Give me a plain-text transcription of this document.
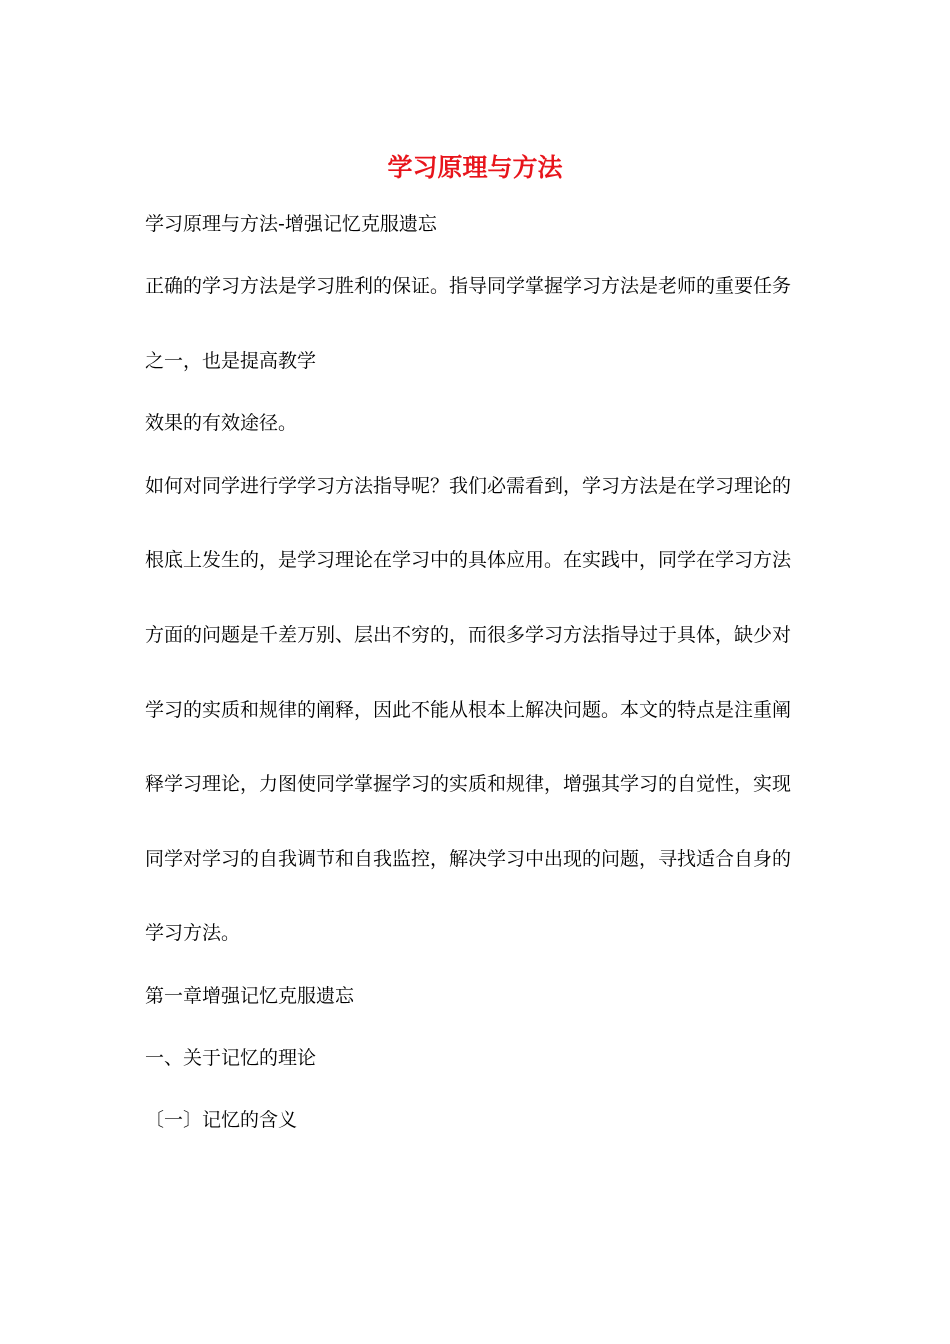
学习原理与方法
学习原理与方法-增强记忆克服遗忘
正确的学习方法是学习胜利的保证。指导同学掌握学习方法是老师的重要任务
之一，也是提高教学
效果的有效途径。
如何对同学进行学学习方法指导呢？我们必需看到，学习方法是在学习理论的
根底上发生的，是学习理论在学习中的具体应用。在实践中，同学在学习方法
方面的问题是千差万别、层出不穷的，而很多学习方法指导过于具体，缺少对
学习的实质和规律的阐释，因此不能从根本上解决问题。本文的特点是注重阐
释学习理论，力图使同学掌握学习的实质和规律，增强其学习的自觉性，实现
同学对学习的自我调节和自我监控，解决学习中出现的问题，寻找适合自身的
学习方法。
第一章增强记忆克服遗忘
一、关于记忆的理论
〔一〕记忆的含义
